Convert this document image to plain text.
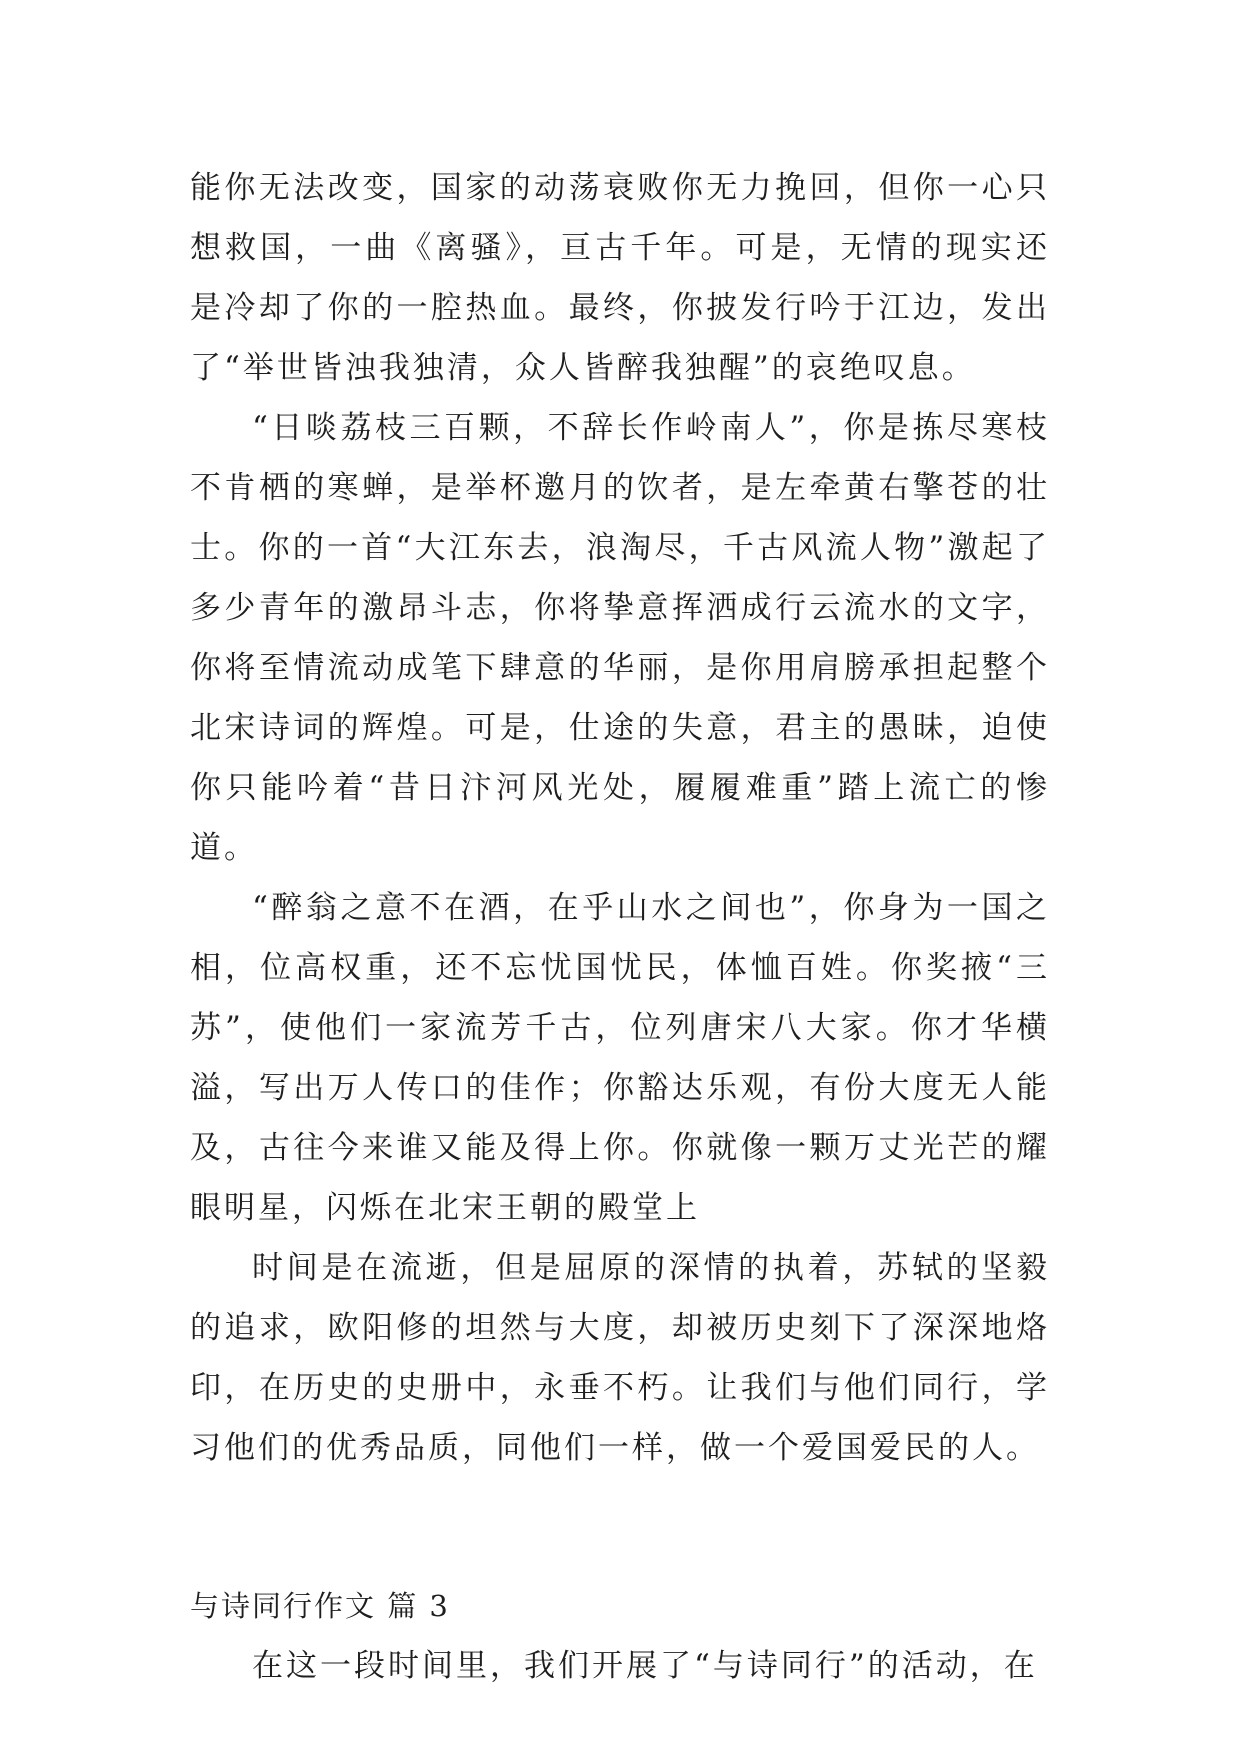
能你无法改变，国家的动荡衰败你无力挽回，但你一心只想救国，一曲《离骚》，亘古千年。可是，无情的现实还是冷却了你的一腔热血。最终，你披发行吟于江边，发出了“举世皆浊我独清，众人皆醉我独醒”的哀绝叹息。

“日啖荔枝三百颗，不辞长作岭南人”，你是拣尽寒枝不肯栖的寒蝉，是举杯邀月的饮者，是左牵黄右擎苍的壮士。你的一首“大江东去，浪淘尽，千古风流人物”激起了多少青年的激昂斗志，你将挚意挥洒成行云流水的文字，你将至情流动成笔下肆意的华丽，是你用肩膀承担起整个北宋诗词的辉煌。可是，仕途的失意，君主的愚昧，迫使你只能吟着“昔日汴河风光处，履履难重”踏上流亡的惨道。

“醉翁之意不在酒，在乎山水之间也”，你身为一国之相，位高权重，还不忘忧国忧民，体恤百姓。你奖掖“三苏”，使他们一家流芳千古，位列唐宋八大家。你才华横溢，写出万人传口的佳作；你豁达乐观，有份大度无人能及，古往今来谁又能及得上你。你就像一颗万丈光芒的耀眼明星，闪烁在北宋王朝的殿堂上

时间是在流逝，但是屈原的深情的执着，苏轼的坚毅的追求，欧阳修的坦然与大度，却被历史刻下了深深地烙印，在历史的史册中，永垂不朽。让我们与他们同行，学习他们的优秀品质，同他们一样，做一个爱国爱民的人。

与诗同行作文 篇 3

在这一段时间里，我们开展了“与诗同行”的活动，在
